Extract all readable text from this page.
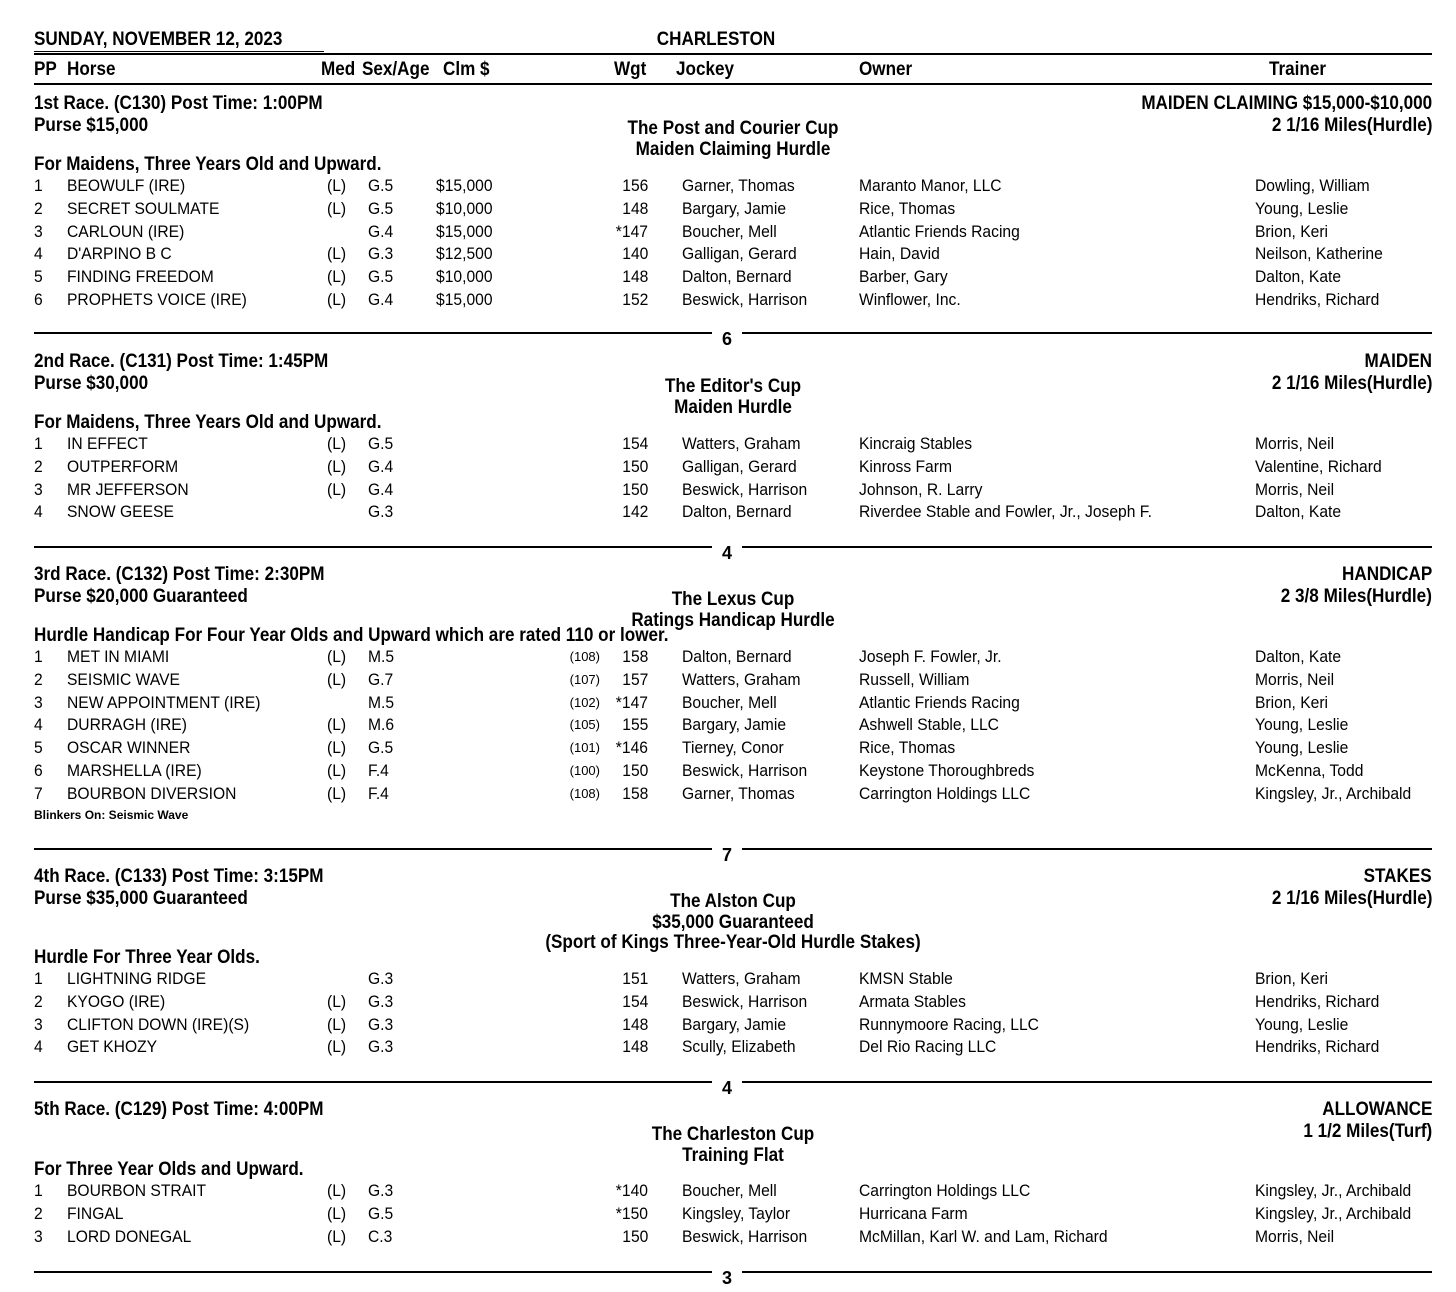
SUNDAY, NOVEMBER 12, 2023	CHARLESTON
PP Horse	Med Sex/Age Clm $	Wgt Jockey	Owner	Trainer
1st Race. (C130) Post Time: 1:00PM
Purse $15,000
MAIDEN CLAIMING $15,000-$10,000
2 1/16 Miles(Hurdle)
The Post and Courier Cup
Maiden Claiming Hurdle
For Maidens, Three Years Old and Upward.
1 BEOWULF (IRE)	(L) G.5	$15,000	156 Garner, Thomas	Maranto Manor, LLC	Dowling, William
2 SECRET SOULMATE	(L) G.5	$10,000	148 Bargary, Jamie	Rice, Thomas	Young, Leslie
3 CARLOUN (IRE)	G.4	$15,000	*147 Boucher, Mell	Atlantic Friends Racing	Brion, Keri
4 D'ARPINO B C	(L) G.3	$12,500	140 Galligan, Gerard	Hain, David	Neilson, Katherine
5 FINDING FREEDOM	(L) G.5	$10,000	148 Dalton, Bernard	Barber, Gary	Dalton, Kate
6 PROPHETS VOICE (IRE)	(L) G.4	$15,000	152 Beswick, Harrison	Winflower, Inc.	Hendriks, Richard
6
2nd Race. (C131) Post Time: 1:45PM
Purse $30,000
MAIDEN
2 1/16 Miles(Hurdle)
The Editor's Cup
Maiden Hurdle
For Maidens, Three Years Old and Upward.
1 IN EFFECT	(L) G.5	154 Watters, Graham	Kincraig Stables	Morris, Neil
2 OUTPERFORM	(L) G.4	150 Galligan, Gerard	Kinross Farm	Valentine, Richard
3 MR JEFFERSON	(L) G.4	150 Beswick, Harrison	Johnson, R. Larry	Morris, Neil
4 SNOW GEESE	G.3	142 Dalton, Bernard	Riverdee Stable and Fowler, Jr., Joseph F.	Dalton, Kate
4
3rd Race. (C132) Post Time: 2:30PM
Purse $20,000 Guaranteed
HANDICAP
2 3/8 Miles(Hurdle)
The Lexus Cup
Ratings Handicap Hurdle
Hurdle Handicap For Four Year Olds and Upward which are rated 110 or lower.
1 MET IN MIAMI	(L) M.5	(108) 158 Dalton, Bernard	Joseph F. Fowler, Jr.	Dalton, Kate
2 SEISMIC WAVE	(L) G.7	(107) 157 Watters, Graham	Russell, William	Morris, Neil
3 NEW APPOINTMENT (IRE)	M.5	(102) *147 Boucher, Mell	Atlantic Friends Racing	Brion, Keri
4 DURRAGH (IRE)	(L) M.6	(105) 155 Bargary, Jamie	Ashwell Stable, LLC	Young, Leslie
5 OSCAR WINNER	(L) G.5	(101) *146 Tierney, Conor	Rice, Thomas	Young, Leslie
6 MARSHELLA (IRE)	(L) F.4	(100) 150 Beswick, Harrison	Keystone Thoroughbreds	McKenna, Todd
7 BOURBON DIVERSION	(L) F.4	(108) 158 Garner, Thomas	Carrington Holdings LLC	Kingsley, Jr., Archibald
Blinkers On: Seismic Wave
7
4th Race. (C133) Post Time: 3:15PM
Purse $35,000 Guaranteed
STAKES
2 1/16 Miles(Hurdle)
The Alston Cup
$35,000 Guaranteed
(Sport of Kings Three-Year-Old Hurdle Stakes)
Hurdle For Three Year Olds.
1 LIGHTNING RIDGE	G.3	151 Watters, Graham	KMSN Stable	Brion, Keri
2 KYOGO (IRE)	(L) G.3	154 Beswick, Harrison	Armata Stables	Hendriks, Richard
3 CLIFTON DOWN (IRE)(S)	(L) G.3	148 Bargary, Jamie	Runnymoore Racing, LLC	Young, Leslie
4 GET KHOZY	(L) G.3	148 Scully, Elizabeth	Del Rio Racing LLC	Hendriks, Richard
4
5th Race. (C129) Post Time: 4:00PM	ALLOWANCE
1 1/2 Miles(Turf)
The Charleston Cup
Training Flat
For Three Year Olds and Upward.
1 BOURBON STRAIT	(L) G.3	*140 Boucher, Mell	Carrington Holdings LLC	Kingsley, Jr., Archibald
2 FINGAL	(L) G.5	*150 Kingsley, Taylor	Hurricana Farm	Kingsley, Jr., Archibald
3 LORD DONEGAL	(L) C.3	150 Beswick, Harrison	McMillan, Karl W. and Lam, Richard	Morris, Neil
3
